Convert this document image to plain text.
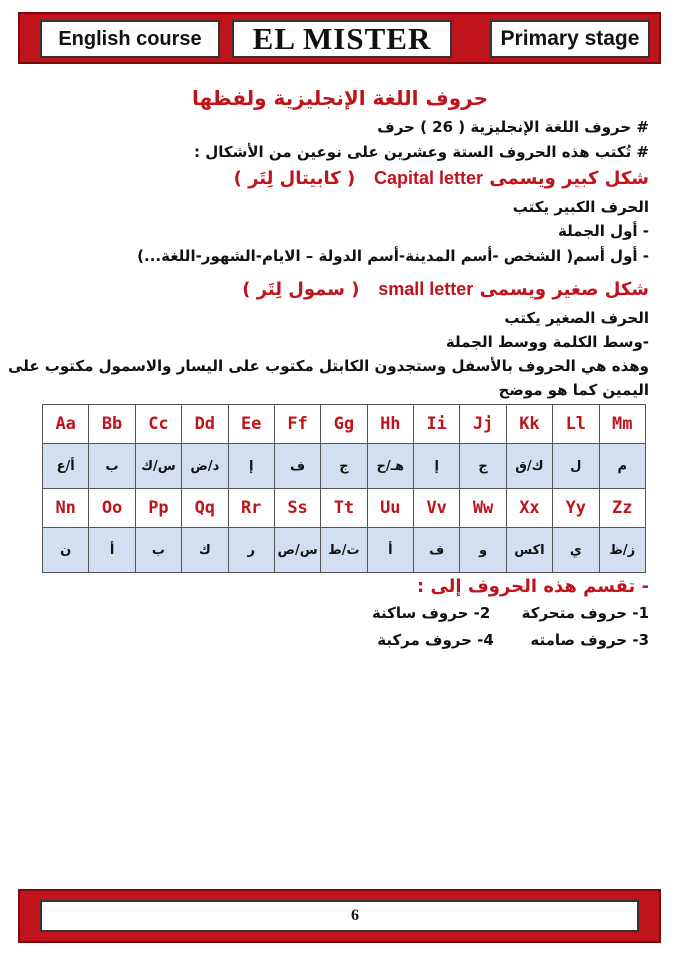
English course	EL MISTER	Primary stage
حروف اللغة الإنجليزية ولفظها
# حروف اللغة الإنجليزية ( 26 ) حرف
# تُكتب هذه الحروف الستة وعشرين على نوعين من الأشكال :
شكل كبير ويسمى Capital letter   ( كابيتال لِتَر )
الحرف الكبير يكتب
- أول الجملة
- أول أسم( الشخص -أسم المدينة-أسم الدولة – الايام-الشهور-اللغة...)
شكل صغير ويسمى small letter   ( سمول لِتَر )
الحرف الصغير يكتب
-وسط الكلمة ووسط الجملة
وهذه هي الحروف بالأسفل وستجدون الكابتل مكتوب على اليسار والاسمول مكتوب على
اليمين كما هو موضح
Aa	Bb	Cc	Dd	Ee	Ff	Gg	Hh	Ii	Jj	Kk	Ll	Mm
أ/ع	ب	س/ك	د/ض	إ	ف	ج	هـ/ح	إ	ج	ك/ق	ل	م
Nn	Oo	Pp	Qq	Rr	Ss	Tt	Uu	Vv	Ww	Xx	Yy	Zz
ن	أ	ب	ك	ر	س/ص	ت/ط	أ	ف	و	اكس	ي	ز/ظ
- تقسم هذه الحروف إلى :
1- حروف متحركة      2- حروف ساكنة
3- حروف صامته       4- حروف مركبة
6
